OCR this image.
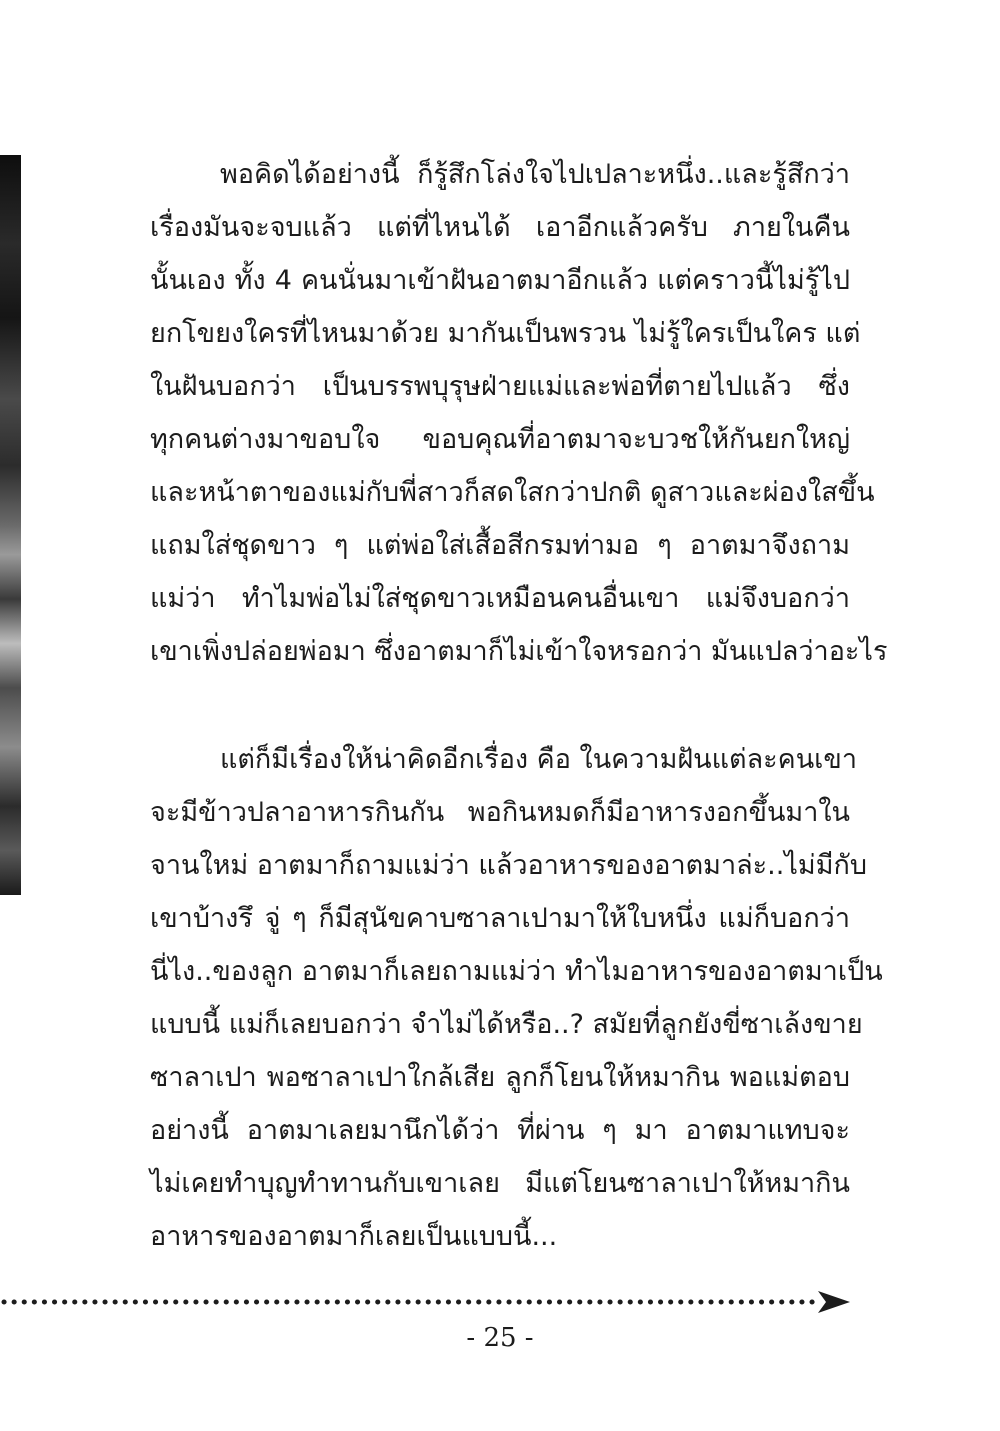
พอคิดได้อย่างนี้ ก็รู้สึกโล่งใจไปเปลาะหนึ่ง..และรู้สึกว่า
เรื่องมันจะจบแล้ว แต่ที่ไหนได้ เอาอีกแล้วครับ ภายในคืน
นั้นเอง ทั้ง 4 คนนั่นมาเข้าฝันอาตมาอีกแล้ว แต่คราวนี้ไม่รู้ไป
ยกโขยงใครที่ไหนมาด้วย มากันเป็นพรวน ไม่รู้ใครเป็นใคร แต่
ในฝันบอกว่า เป็นบรรพบุรุษฝ่ายแม่และพ่อที่ตายไปแล้ว ซึ่ง
ทุกคนต่างมาขอบใจ ขอบคุณที่อาตมาจะบวชให้กันยกใหญ่
และหน้าตาของแม่กับพี่สาวก็สดใสกว่าปกติ ดูสาวและผ่องใสขึ้น
แถมใส่ชุดขาว ๆ แต่พ่อใส่เสื้อสีกรมท่ามอ ๆ อาตมาจึงถาม
แม่ว่า ทำไมพ่อไม่ใส่ชุดขาวเหมือนคนอื่นเขา แม่จึงบอกว่า
เขาเพิ่งปล่อยพ่อมา ซึ่งอาตมาก็ไม่เข้าใจหรอกว่า มันแปลว่าอะไร

แต่ก็มีเรื่องให้น่าคิดอีกเรื่อง คือ ในความฝันแต่ละคนเขา
จะมีข้าวปลาอาหารกินกัน พอกินหมดก็มีอาหารงอกขึ้นมาใน
จานใหม่ อาตมาก็ถามแม่ว่า แล้วอาหารของอาตมาล่ะ..ไม่มีกับ
เขาบ้างรึ จู่ ๆ ก็มีสุนัขคาบซาลาเปามาให้ใบหนึ่ง แม่ก็บอกว่า
นี่ไง..ของลูก อาตมาก็เลยถามแม่ว่า ทำไมอาหารของอาตมาเป็น
แบบนี้ แม่ก็เลยบอกว่า จำไม่ได้หรือ..? สมัยที่ลูกยังขี่ซาเล้งขาย
ซาลาเปา พอซาลาเปาใกล้เสีย ลูกก็โยนให้หมากิน พอแม่ตอบ
อย่างนี้ อาตมาเลยมานึกได้ว่า ที่ผ่าน ๆ มา อาตมาแทบจะ
ไม่เคยทำบุญทำทานกับเขาเลย มีแต่โยนซาลาเปาให้หมากิน
อาหารของอาตมาก็เลยเป็นแบบนี้...

- 25 -
